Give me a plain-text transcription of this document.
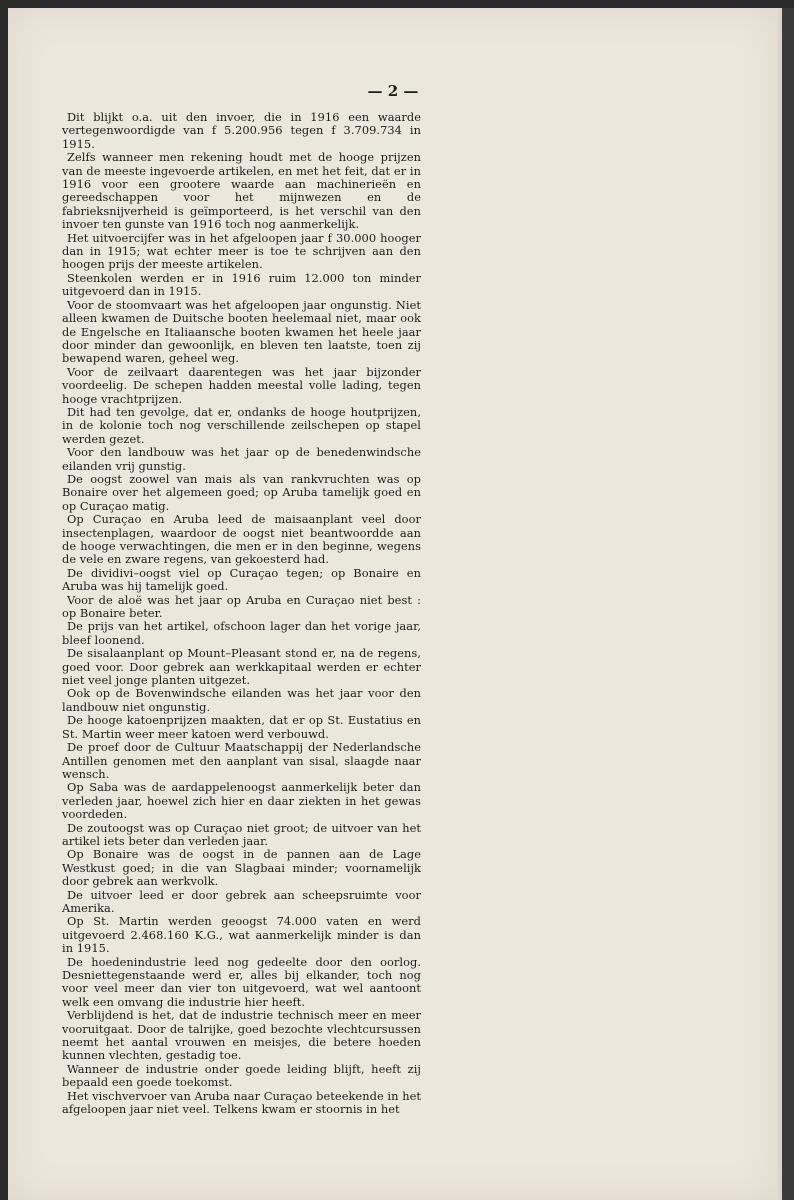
— 2 —

Dit blijkt o.a. uit den invoer, die in 1916 een waarde vertegenwoordigde van f 5.200.956 tegen f 3.709.734 in 1915.

Zelfs wanneer men rekening houdt met de hooge prijzen van de meeste ingevoerde artikelen, en met het feit, dat er in 1916 voor een grootere waarde aan machinerieën en gereedschappen voor het mijnwezen en de fabrieksnijverheid is geïmporteerd, is het verschil van den invoer ten gunste van 1916 toch nog aanmerkelijk.

Het uitvoercijfer was in het afgeloopen jaar f 30.000 hooger dan in 1915; wat echter meer is toe te schrijven aan den hoogen prijs der meeste artikelen.

Steenkolen werden er in 1916 ruim 12.000 ton minder uitgevoerd dan in 1915.

Voor de stoomvaart was het afgeloopen jaar ongunstig. Niet alleen kwamen de Duitsche booten heelemaal niet, maar ook de Engelsche en Italiaansche booten kwamen het heele jaar door minder dan gewoonlijk, en bleven ten laatste, toen zij bewapend waren, geheel weg.

Voor de zeilvaart daarentegen was het jaar bijzonder voordeelig. De schepen hadden meestal volle lading, tegen hooge vrachtprijzen.

Dit had ten gevolge, dat er, ondanks de hooge houtprijzen, in de kolonie toch nog verschillende zeilschepen op stapel werden gezet.

Voor den landbouw was het jaar op de benedenwindsche eilanden vrij gunstig.

De oogst zoowel van mais als van rankvruchten was op Bonaire over het algemeen goed; op Aruba tamelijk goed en op Curaçao matig.

Op Curaçao en Aruba leed de maisaanplant veel door insectenplagen, waardoor de oogst niet beantwoordde aan de hooge verwachtingen, die men er in den beginne, wegens de vele en zware regens, van gekoesterd had.

De dividivi–oogst viel op Curaçao tegen; op Bonaire en Aruba was hij tamelijk goed.

Voor de aloë was het jaar op Aruba en Curaçao niet best : op Bonaire beter.

De prijs van het artikel, ofschoon lager dan het vorige jaar, bleef loonend.

De sisalaanplant op Mount–Pleasant stond er, na de regens, goed voor. Door gebrek aan werkkapitaal werden er echter niet veel jonge planten uitgezet.

Ook op de Bovenwindsche eilanden was het jaar voor den landbouw niet ongunstig.

De hooge katoenprijzen maakten, dat er op St. Eustatius en St. Martin weer meer katoen werd verbouwd.

De proef door de Cultuur Maatschappij der Nederlandsche Antillen genomen met den aanplant van sisal, slaagde naar wensch.

Op Saba was de aardappelenoogst aanmerkelijk beter dan verleden jaar, hoewel zich hier en daar ziekten in het gewas voordeden.

De zoutoogst was op Curaçao niet groot; de uitvoer van het artikel iets beter dan verleden jaar.

Op Bonaire was de oogst in de pannen aan de Lage Westkust goed; in die van Slagbaai minder; voornamelijk door gebrek aan werkvolk.

De uitvoer leed er door gebrek aan scheepsruimte voor Amerika.

Op St. Martin werden geoogst 74.000 vaten en werd uitgevoerd 2.468.160 K.G., wat aanmerkelijk minder is dan in 1915.

De hoedenindustrie leed nog gedeelte door den oorlog. Desniettegenstaande werd er, alles bij elkander, toch nog voor veel meer dan vier ton uitgevoerd, wat wel aantoont welk een omvang die industrie hier heeft.

Verblijdend is het, dat de industrie technisch meer en meer vooruitgaat. Door de talrijke, goed bezochte vlechtcursussen neemt het aantal vrouwen en meisjes, die betere hoeden kunnen vlechten, gestadig toe.

Wanneer de industrie onder goede leiding blijft, heeft zij bepaald een goede toekomst.

Het vischvervoer van Aruba naar Curaçao beteekende in het afgeloopen jaar niet veel. Telkens kwam er stoornis in het
